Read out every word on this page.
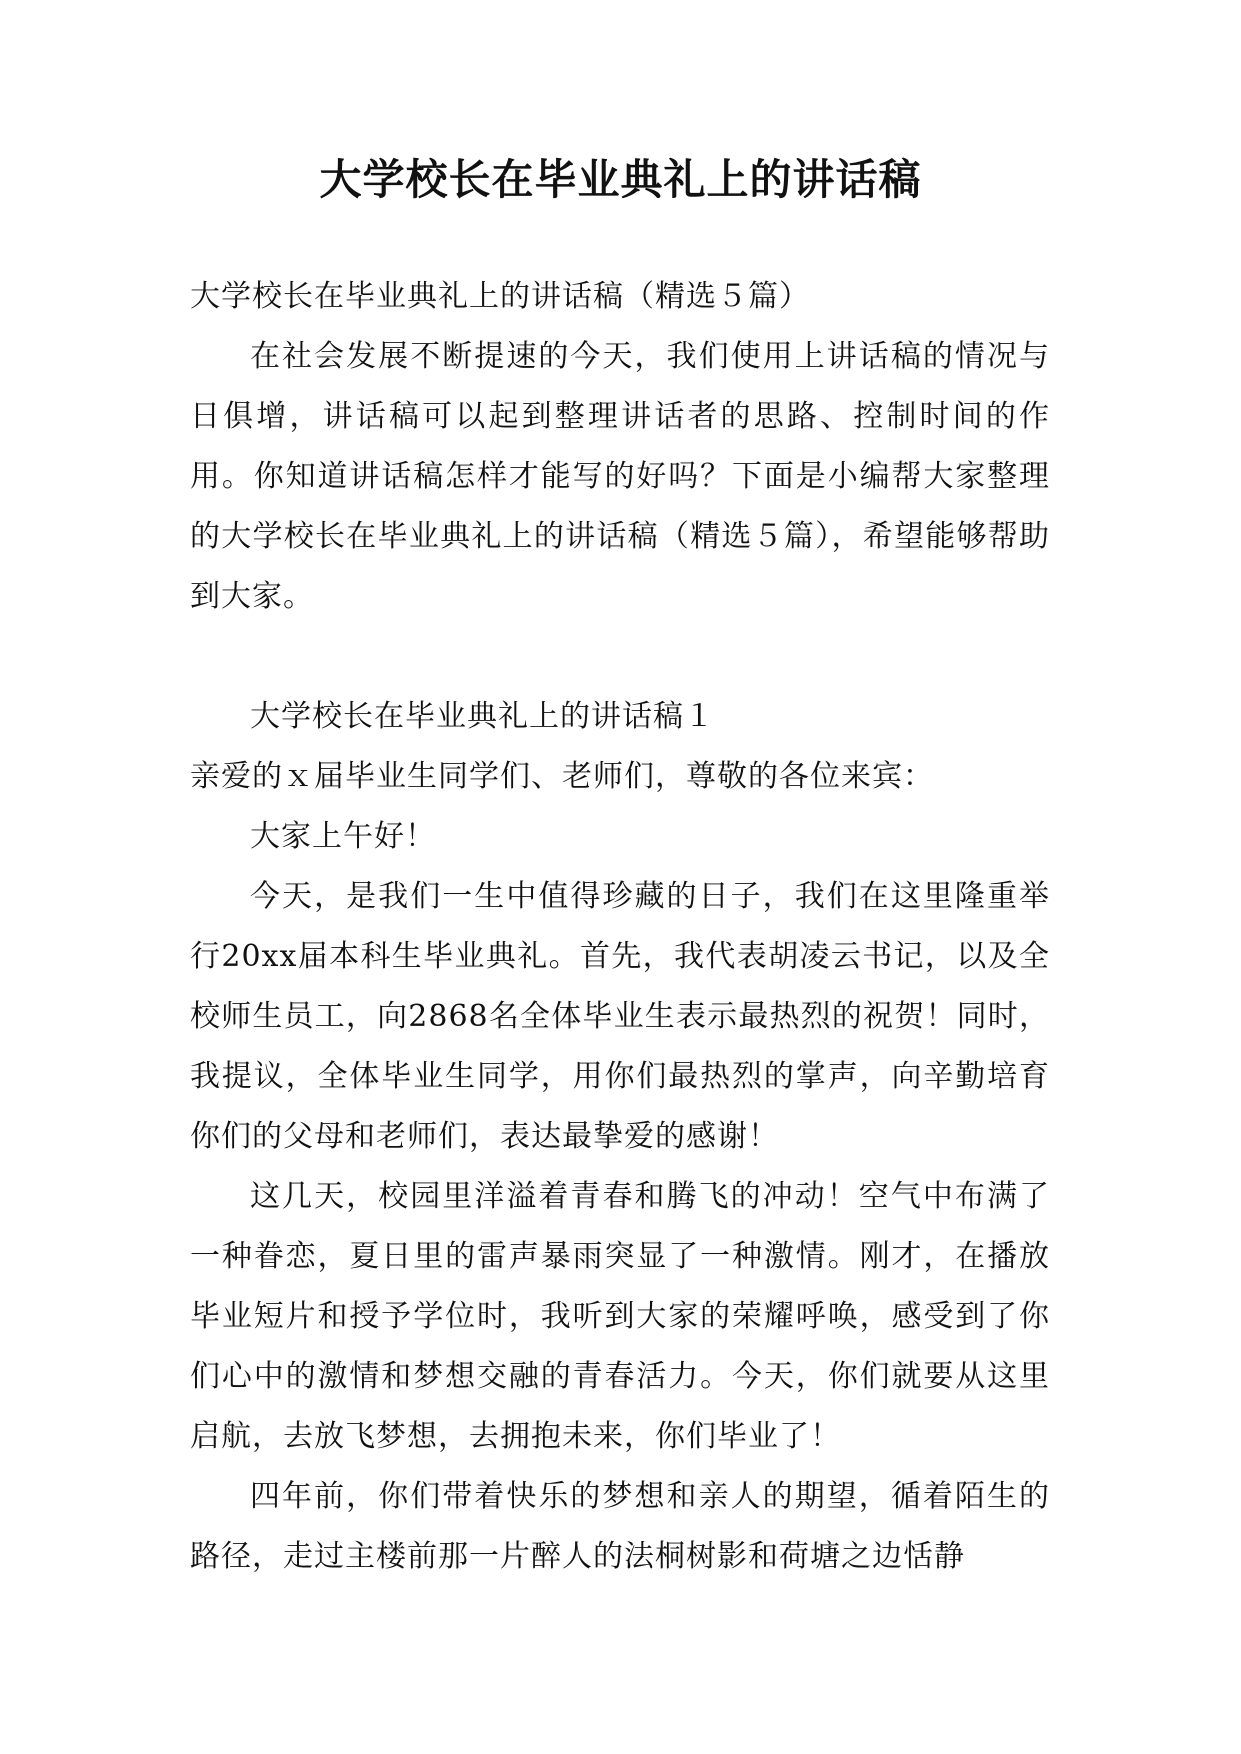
大学校长在毕业典礼上的讲话稿

大学校长在毕业典礼上的讲话稿（精选５篇）

在社会发展不断提速的今天，我们使用上讲话稿的情况与日俱增，讲话稿可以起到整理讲话者的思路、控制时间的作用。你知道讲话稿怎样才能写的好吗？下面是小编帮大家整理的大学校长在毕业典礼上的讲话稿（精选５篇），希望能够帮助到大家。

大学校长在毕业典礼上的讲话稿１

亲爱的ｘ届毕业生同学们、老师们，尊敬的各位来宾：

大家上午好！

今天，是我们一生中值得珍藏的日子，我们在这里隆重举行20xx届本科生毕业典礼。首先，我代表胡凌云书记，以及全校师生员工，向2868名全体毕业生表示最热烈的祝贺！同时，我提议，全体毕业生同学，用你们最热烈的掌声，向辛勤培育你们的父母和老师们，表达最挚爱的感谢！

这几天，校园里洋溢着青春和腾飞的冲动！空气中布满了一种眷恋，夏日里的雷声暴雨突显了一种激情。刚才，在播放毕业短片和授予学位时，我听到大家的荣耀呼唤，感受到了你们心中的激情和梦想交融的青春活力。今天，你们就要从这里启航，去放飞梦想，去拥抱未来，你们毕业了！

四年前，你们带着快乐的梦想和亲人的期望，循着陌生的路径，走过主楼前那一片醉人的法桐树影和荷塘之边恬静
